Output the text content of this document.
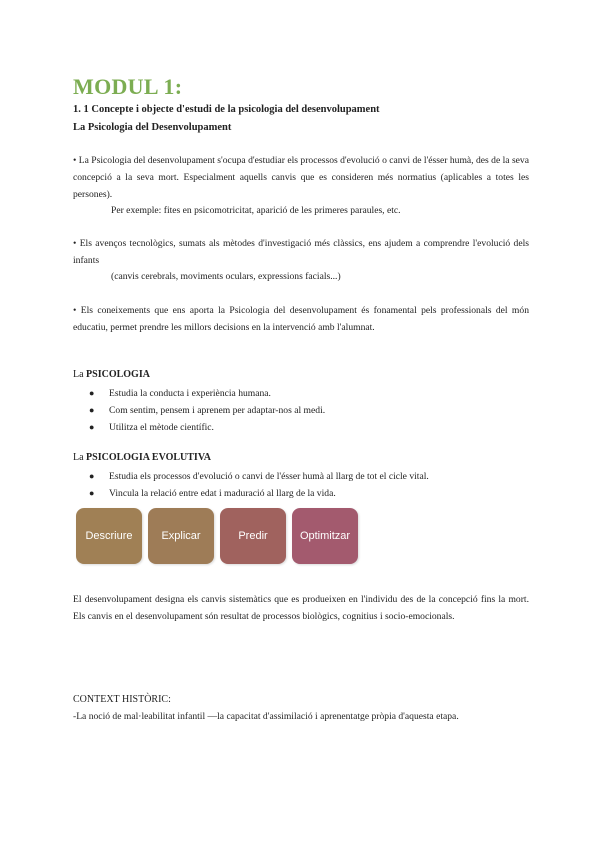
MODUL 1:
1. 1 Concepte i objecte d'estudi de la psicologia del desenvolupament
La Psicologia del Desenvolupament
• La Psicologia del desenvolupament s'ocupa d'estudiar els processos d'evolució o canvi de l'ésser humà, des de la seva concepció a la seva mort. Especialment aquells canvis que es consideren més normatius (aplicables a totes les persones).
Per exemple: fites en psicomotricitat, aparició de les primeres paraules, etc.
• Els avenços tecnològics, sumats als mètodes d'investigació més clàssics, ens ajudem a comprendre l'evolució dels infants
(canvis cerebrals, moviments oculars, expressions facials...)
• Els coneixements que ens aporta la Psicologia del desenvolupament és fonamental pels professionals del món educatiu, permet prendre les millors decisions en la intervenció amb l'alumnat.
La PSICOLOGIA
● Estudia la conducta i experiència humana.
● Com sentim, pensem i aprenem per adaptar-nos al medi.
● Utilitza el mètode científic.
La PSICOLOGIA EVOLUTIVA
● Estudia els processos d'evolució o canvi de l'ésser humà al llarg de tot el cicle vital.
● Vincula la relació entre edat i maduració al llarg de la vida.
Descriure	Explicar	Predir	Optimitzar
El desenvolupament designa els canvis sistemàtics que es produeixen en l'individu des de la concepció fins la mort. Els canvis en el desenvolupament són resultat de processos biològics, cognitius i socio-emocionals.
CONTEXT HISTÒRIC:
-La noció de mal·leabilitat infantil —la capacitat d'assimilació i aprenentatge pròpia d'aquesta etapa.
